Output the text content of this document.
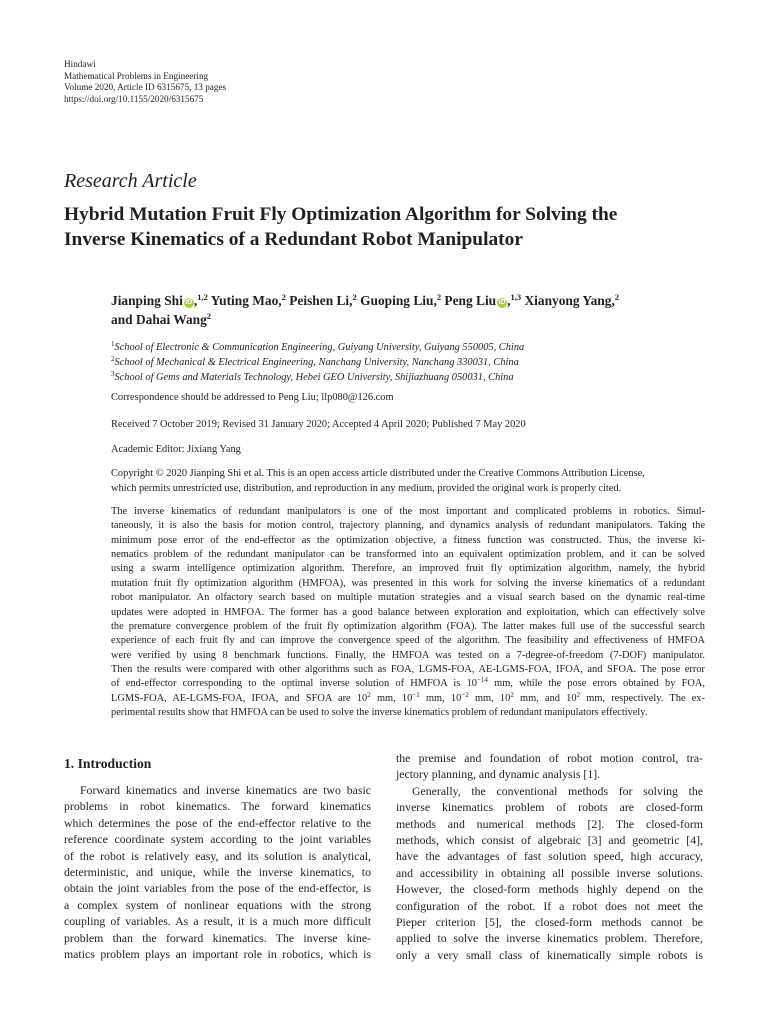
Hindawi
Mathematical Problems in Engineering
Volume 2020, Article ID 6315675, 13 pages
https://doi.org/10.1155/2020/6315675
Research Article
Hybrid Mutation Fruit Fly Optimization Algorithm for Solving the
Inverse Kinematics of a Redundant Robot Manipulator
Jianping Shi iD ,$^{1,2}$ Yuting Mao,$^2$ Peishen Li,$^2$ Guoping Liu,$^2$ Peng Liu iD ,$^{1,3}$ Xianyong Yang,$^2$
and Dahai Wang$^2$
$^1$School of Electronic & Communication Engineering, Guiyang University, Guiyang 550005, China
$^2$School of Mechanical & Electrical Engineering, Nanchang University, Nanchang 330031, China
$^3$School of Gems and Materials Technology, Hebei GEO University, Shijiazhuang 050031, China
Correspondence should be addressed to Peng Liu; llp080@126.com
Received 7 October 2019; Revised 31 January 2020; Accepted 4 April 2020; Published 7 May 2020
Academic Editor: Jixiang Yang
Copyright © 2020 Jianping Shi et al. This is an open access article distributed under the Creative Commons Attribution License,
which permits unrestricted use, distribution, and reproduction in any medium, provided the original work is properly cited.
The inverse kinematics of redundant manipulators is one of the most important and complicated problems in robotics. Simul-
taneously, it is also the basis for motion control, trajectory planning, and dynamics analysis of redundant manipulators. Taking the
minimum pose error of the end-effector as the optimization objective, a fitness function was constructed. Thus, the inverse ki-
nematics problem of the redundant manipulator can be transformed into an equivalent optimization problem, and it can be solved
using a swarm intelligence optimization algorithm. Therefore, an improved fruit fly optimization algorithm, namely, the hybrid
mutation fruit fly optimization algorithm (HMFOA), was presented in this work for solving the inverse kinematics of a redundant
robot manipulator. An olfactory search based on multiple mutation strategies and a visual search based on the dynamic real-time
updates were adopted in HMFOA. The former has a good balance between exploration and exploitation, which can effectively solve
the premature convergence problem of the fruit fly optimization algorithm (FOA). The latter makes full use of the successful search
experience of each fruit fly and can improve the convergence speed of the algorithm. The feasibility and effectiveness of HMFOA
were verified by using 8 benchmark functions. Finally, the HMFOA was tested on a 7-degree-of-freedom (7-DOF) manipulator.
Then the results were compared with other algorithms such as FOA, LGMS-FOA, AE-LGMS-FOA, IFOA, and SFOA. The pose error
of end-effector corresponding to the optimal inverse solution of HMFOA is $10^{-14}$ mm, while the pose errors obtained by FOA,
LGMS-FOA, AE-LGMS-FOA, IFOA, and SFOA are $10^2$ mm, $10^{-1}$ mm, $10^{-2}$ mm, $10^2$ mm, and $10^2$ mm, respectively. The ex-
perimental results show that HMFOA can be used to solve the inverse kinematics problem of redundant manipulators effectively.
1. Introduction
Forward kinematics and inverse kinematics are two basic
problems in robot kinematics. The forward kinematics
which determines the pose of the end-effector relative to the
reference coordinate system according to the joint variables
of the robot is relatively easy, and its solution is analytical,
deterministic, and unique, while the inverse kinematics, to
obtain the joint variables from the pose of the end-effector, is
a complex system of nonlinear equations with the strong
coupling of variables. As a result, it is a much more difficult
problem than the forward kinematics. The inverse kine-
matics problem plays an important role in robotics, which is
the premise and foundation of robot motion control, tra-
jectory planning, and dynamic analysis [1].
Generally, the conventional methods for solving the
inverse kinematics problem of robots are closed-form
methods and numerical methods [2]. The closed-form
methods, which consist of algebraic [3] and geometric [4],
have the advantages of fast solution speed, high accuracy,
and accessibility in obtaining all possible inverse solutions.
However, the closed-form methods highly depend on the
configuration of the robot. If a robot does not meet the
Pieper criterion [5], the closed-form methods cannot be
applied to solve the inverse kinematics problem. Therefore,
only a very small class of kinematically simple robots is
